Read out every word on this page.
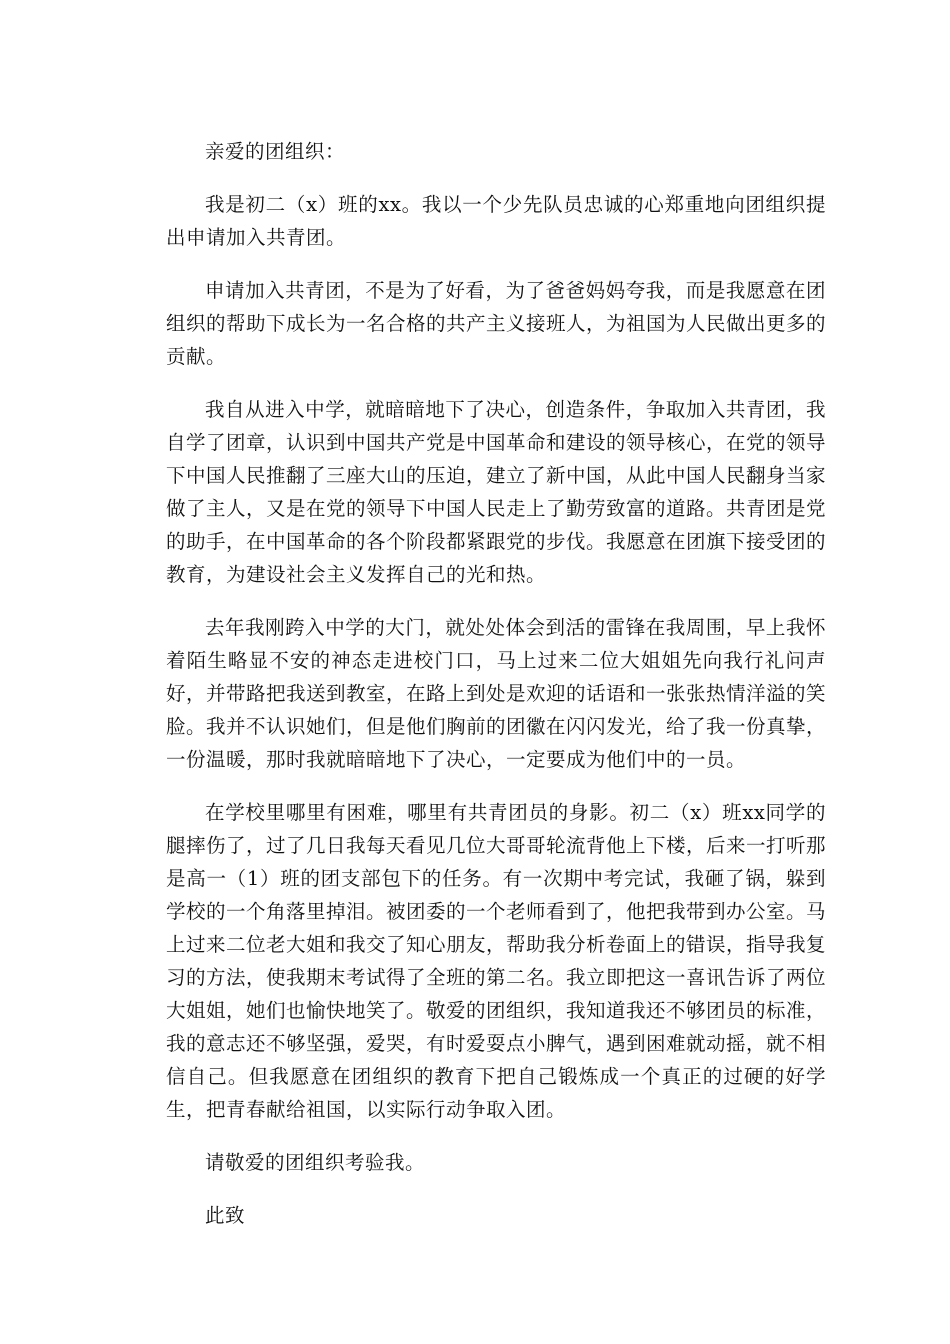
亲爱的团组织：

我是初二（x）班的xx。我以一个少先队员忠诚的心郑重地向团组织提出申请加入共青团。

申请加入共青团，不是为了好看，为了爸爸妈妈夸我，而是我愿意在团组织的帮助下成长为一名合格的共产主义接班人，为祖国为人民做出更多的贡献。

我自从进入中学，就暗暗地下了决心，创造条件，争取加入共青团，我自学了团章，认识到中国共产党是中国革命和建设的领导核心，在党的领导下中国人民推翻了三座大山的压迫，建立了新中国，从此中国人民翻身当家做了主人，又是在党的领导下中国人民走上了勤劳致富的道路。共青团是党的助手，在中国革命的各个阶段都紧跟党的步伐。我愿意在团旗下接受团的教育，为建设社会主义发挥自己的光和热。

去年我刚跨入中学的大门，就处处体会到活的雷锋在我周围，早上我怀着陌生略显不安的神态走进校门口，马上过来二位大姐姐先向我行礼问声好，并带路把我送到教室，在路上到处是欢迎的话语和一张张热情洋溢的笑脸。我并不认识她们，但是他们胸前的团徽在闪闪发光，给了我一份真挚，一份温暖，那时我就暗暗地下了决心，一定要成为他们中的一员。

在学校里哪里有困难，哪里有共青团员的身影。初二（x）班xx同学的腿摔伤了，过了几日我每天看见几位大哥哥轮流背他上下楼，后来一打听那是高一（1）班的团支部包下的任务。有一次期中考完试，我砸了锅，躲到学校的一个角落里掉泪。被团委的一个老师看到了，他把我带到办公室。马上过来二位老大姐和我交了知心朋友，帮助我分析卷面上的错误，指导我复习的方法，使我期末考试得了全班的第二名。我立即把这一喜讯告诉了两位大姐姐，她们也愉快地笑了。敬爱的团组织，我知道我还不够团员的标准，我的意志还不够坚强，爱哭，有时爱耍点小脾气，遇到困难就动摇，就不相信自己。但我愿意在团组织的教育下把自己锻炼成一个真正的过硬的好学生，把青春献给祖国，以实际行动争取入团。

请敬爱的团组织考验我。

此致
